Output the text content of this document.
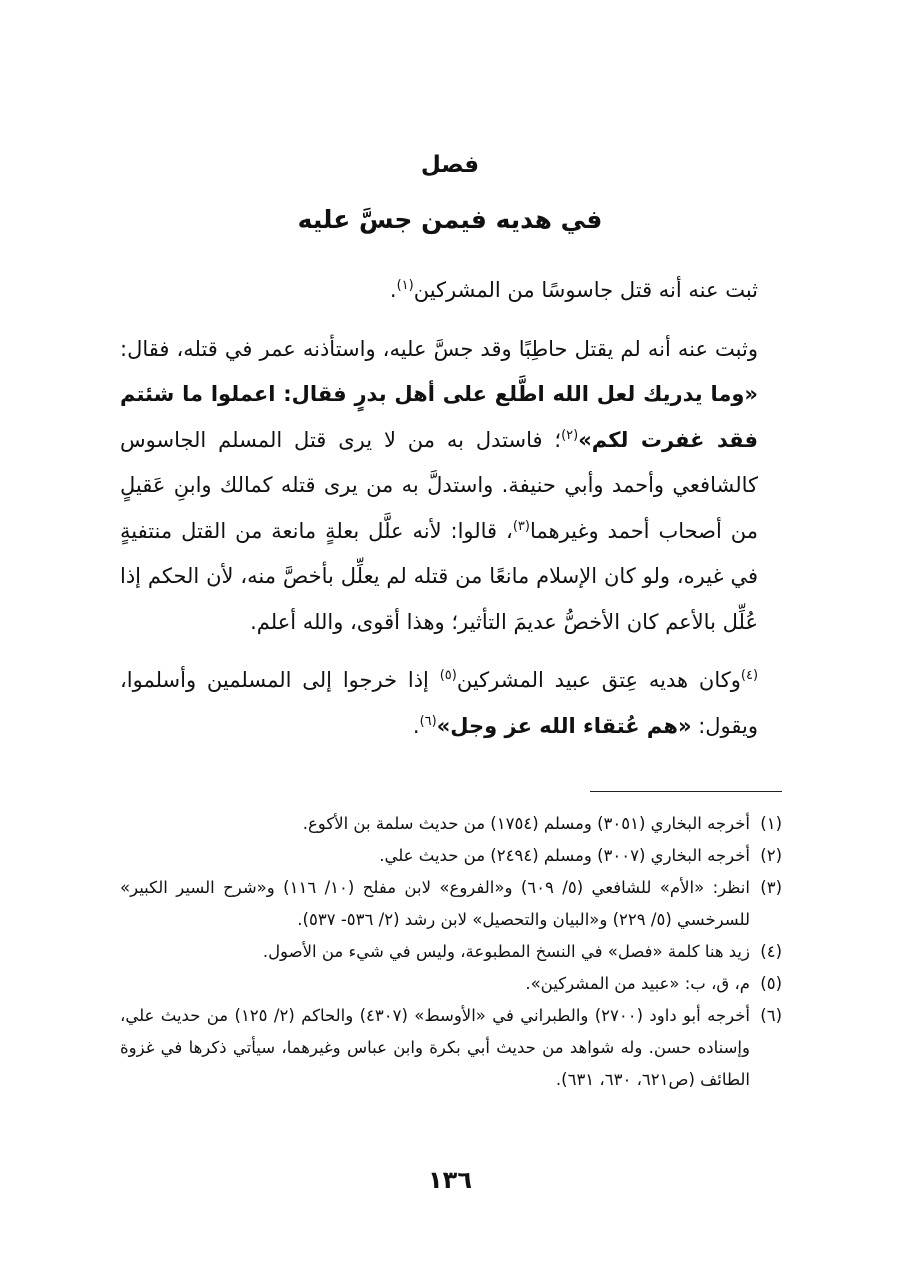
فصل
في هديه فيمن جسَّ عليه

ثبت عنه أنه قتل جاسوسًا من المشركين$^{(١)}$.

وثبت عنه أنه لم يقتل حاطِبًا وقد جسَّ عليه، واستأذنه عمر في قتله، فقال: «وما يدريك لعل الله اطَّلع على أهل بدرٍ فقال: اعملوا ما شئتم فقد غفرت لكم»$^{(٢)}$؛ فاستدل به من لا يرى قتل المسلم الجاسوس كالشافعي وأحمد وأبي حنيفة. واستدلَّ به من يرى قتله كمالك وابنِ عَقيلٍ من أصحاب أحمد وغيرهما$^{(٣)}$، قالوا: لأنه علَّل بعلةٍ مانعة من القتل منتفيةٍ في غيره، ولو كان الإسلام مانعًا من قتله لم يعلِّل بأخصَّ منه، لأن الحكم إذا عُلِّل بالأعم كان الأخصُّ عديمَ التأثير؛ وهذا أقوى، والله أعلم.

$^{(٤)}$وكان هديه عِتق عبيد المشركين$^{(٥)}$ إذا خرجوا إلى المسلمين وأسلموا، ويقول: «هم عُتقاء الله عز وجل»$^{(٦)}$.

(١)
أخرجه البخاري (٣٠٥١) ومسلم (١٧٥٤) من حديث سلمة بن الأكوع.
(٢)
أخرجه البخاري (٣٠٠٧) ومسلم (٢٤٩٤) من حديث علي.
(٣)
انظر: «الأم» للشافعي (٥/ ٦٠٩) و«الفروع» لابن مفلح (١٠/ ١١٦) و«شرح السير الكبير» للسرخسي (٥/ ٢٢٩) و«البيان والتحصيل» لابن رشد (٢/ ٥٣٦- ٥٣٧).
(٤)
زيد هنا كلمة «فصل» في النسخ المطبوعة، وليس في شيء من الأصول.
(٥)
م، ق، ب: «عبيد من المشركين».
(٦)
أخرجه أبو داود (٢٧٠٠) والطبراني في «الأوسط» (٤٣٠٧) والحاكم (٢/ ١٢٥) من حديث علي، وإسناده حسن. وله شواهد من حديث أبي بكرة وابن عباس وغيرهما، سيأتي ذكرها في غزوة الطائف (ص٦٢١، ٦٣٠، ٦٣١).
١٣٦
